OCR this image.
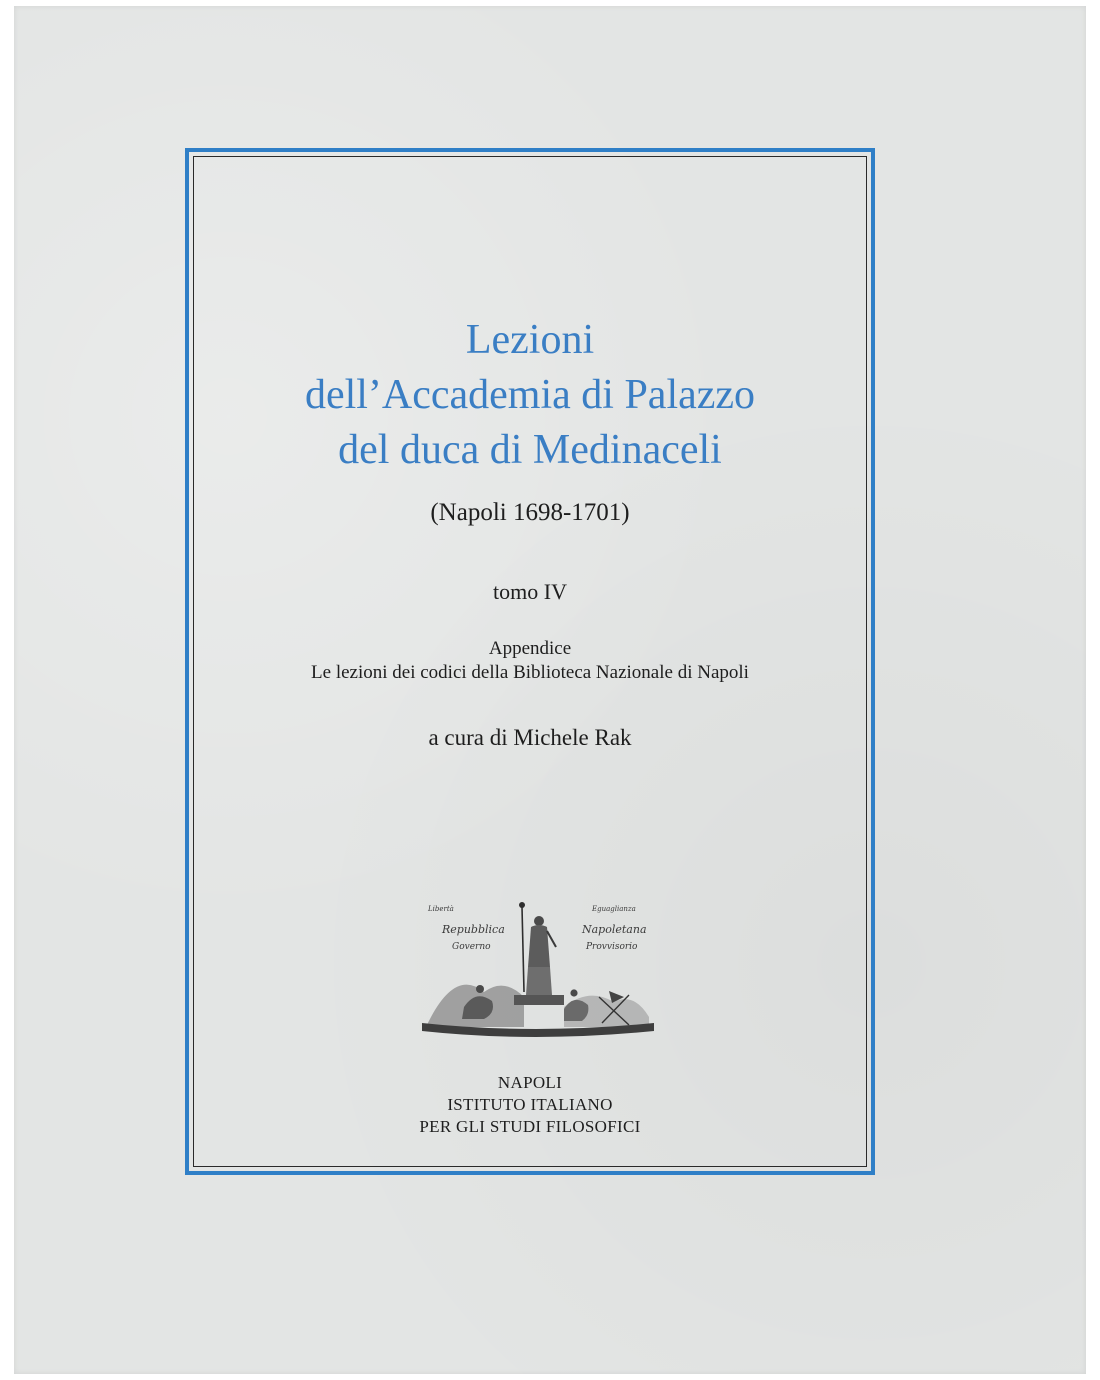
Lezioni
dell’Accademia di Palazzo
del duca di Medinaceli
(Napoli 1698-1701)
tomo IV
Appendice
Le lezioni dei codici della Biblioteca Nazionale di Napoli
a cura di Michele Rak
Libertà
Repubblica
Governo
Eguaglianza
Napoletana
Provvisorio
NAPOLI
ISTITUTO ITALIANO
PER GLI STUDI FILOSOFICI
